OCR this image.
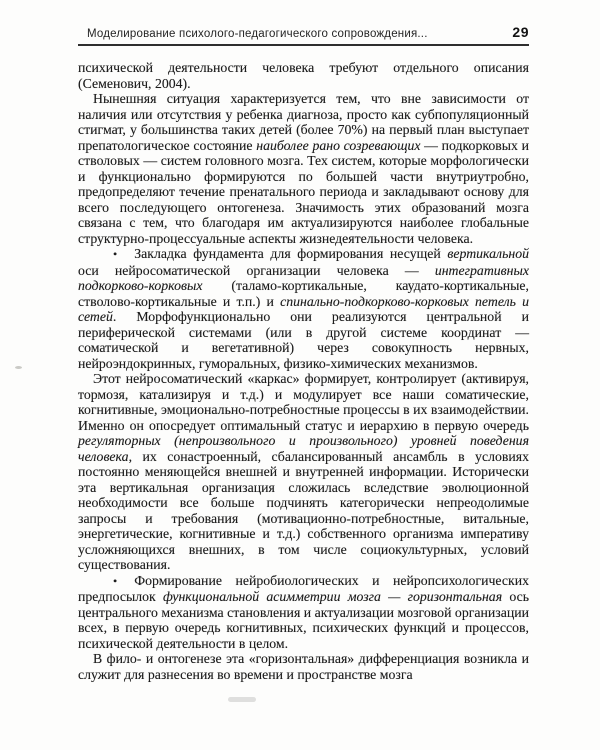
Моделирование психолого-педагогического сопровождения...	29

психической деятельности человека требуют отдельного описания (Семенович, 2004).

Нынешняя ситуация характеризуется тем, что вне зависимости от наличия или отсутствия у ребенка диагноза, просто как субпопуляционный стигмат, у большинства таких детей (более 70%) на первый план выступает препатологическое состояние наиболее рано созревающих — подкорковых и стволовых — систем головного мозга. Тех систем, которые морфологически и функционально формируются по большей части внутриутробно, предопределяют течение пренатального периода и закладывают основу для всего последующего онтогенеза. Значимость этих образований мозга связана с тем, что благодаря им актуализируются наиболее глобальные структурно-процессуальные аспекты жизнедеятельности человека.

• Закладка фундамента для формирования несущей вертикальной оси нейросоматической организации человека — интегративных подкорково-корковых (таламо-кортикальные, каудато-кортикальные, стволово-кортикальные и т.п.) и спинально-подкорково-корковых петель и сетей. Морфофункционально они реализуются центральной и периферической системами (или в другой системе координат — соматической и вегетативной) через совокупность нервных, нейроэндокринных, гуморальных, физико-химических механизмов.

Этот нейросоматический «каркас» формирует, контролирует (активируя, тормозя, катализируя и т.д.) и модулирует все наши соматические, когнитивные, эмоционально-потребностные процессы в их взаимодействии. Именно он опосредует оптимальный статус и иерархию в первую очередь регуляторных (непроизвольного и произвольного) уровней поведения человека, их сонастроенный, сбалансированный ансамбль в условиях постоянно меняющейся внешней и внутренней информации. Исторически эта вертикальная организация сложилась вследствие эволюционной необходимости все больше подчинять категорически непреодолимые запросы и требования (мотивационно-потребностные, витальные, энергетические, когнитивные и т.д.) собственного организма императиву усложняющихся внешних, в том числе социокультурных, условий существования.

• Формирование нейробиологических и нейропсихологических предпосылок функциональной асимметрии мозга — горизонтальная ось центрального механизма становления и актуализации мозговой организации всех, в первую очередь когнитивных, психических функций и процессов, психической деятельности в целом.

В фило- и онтогенезе эта «горизонтальная» дифференциация возникла и служит для разнесения во времени и пространстве мозга
